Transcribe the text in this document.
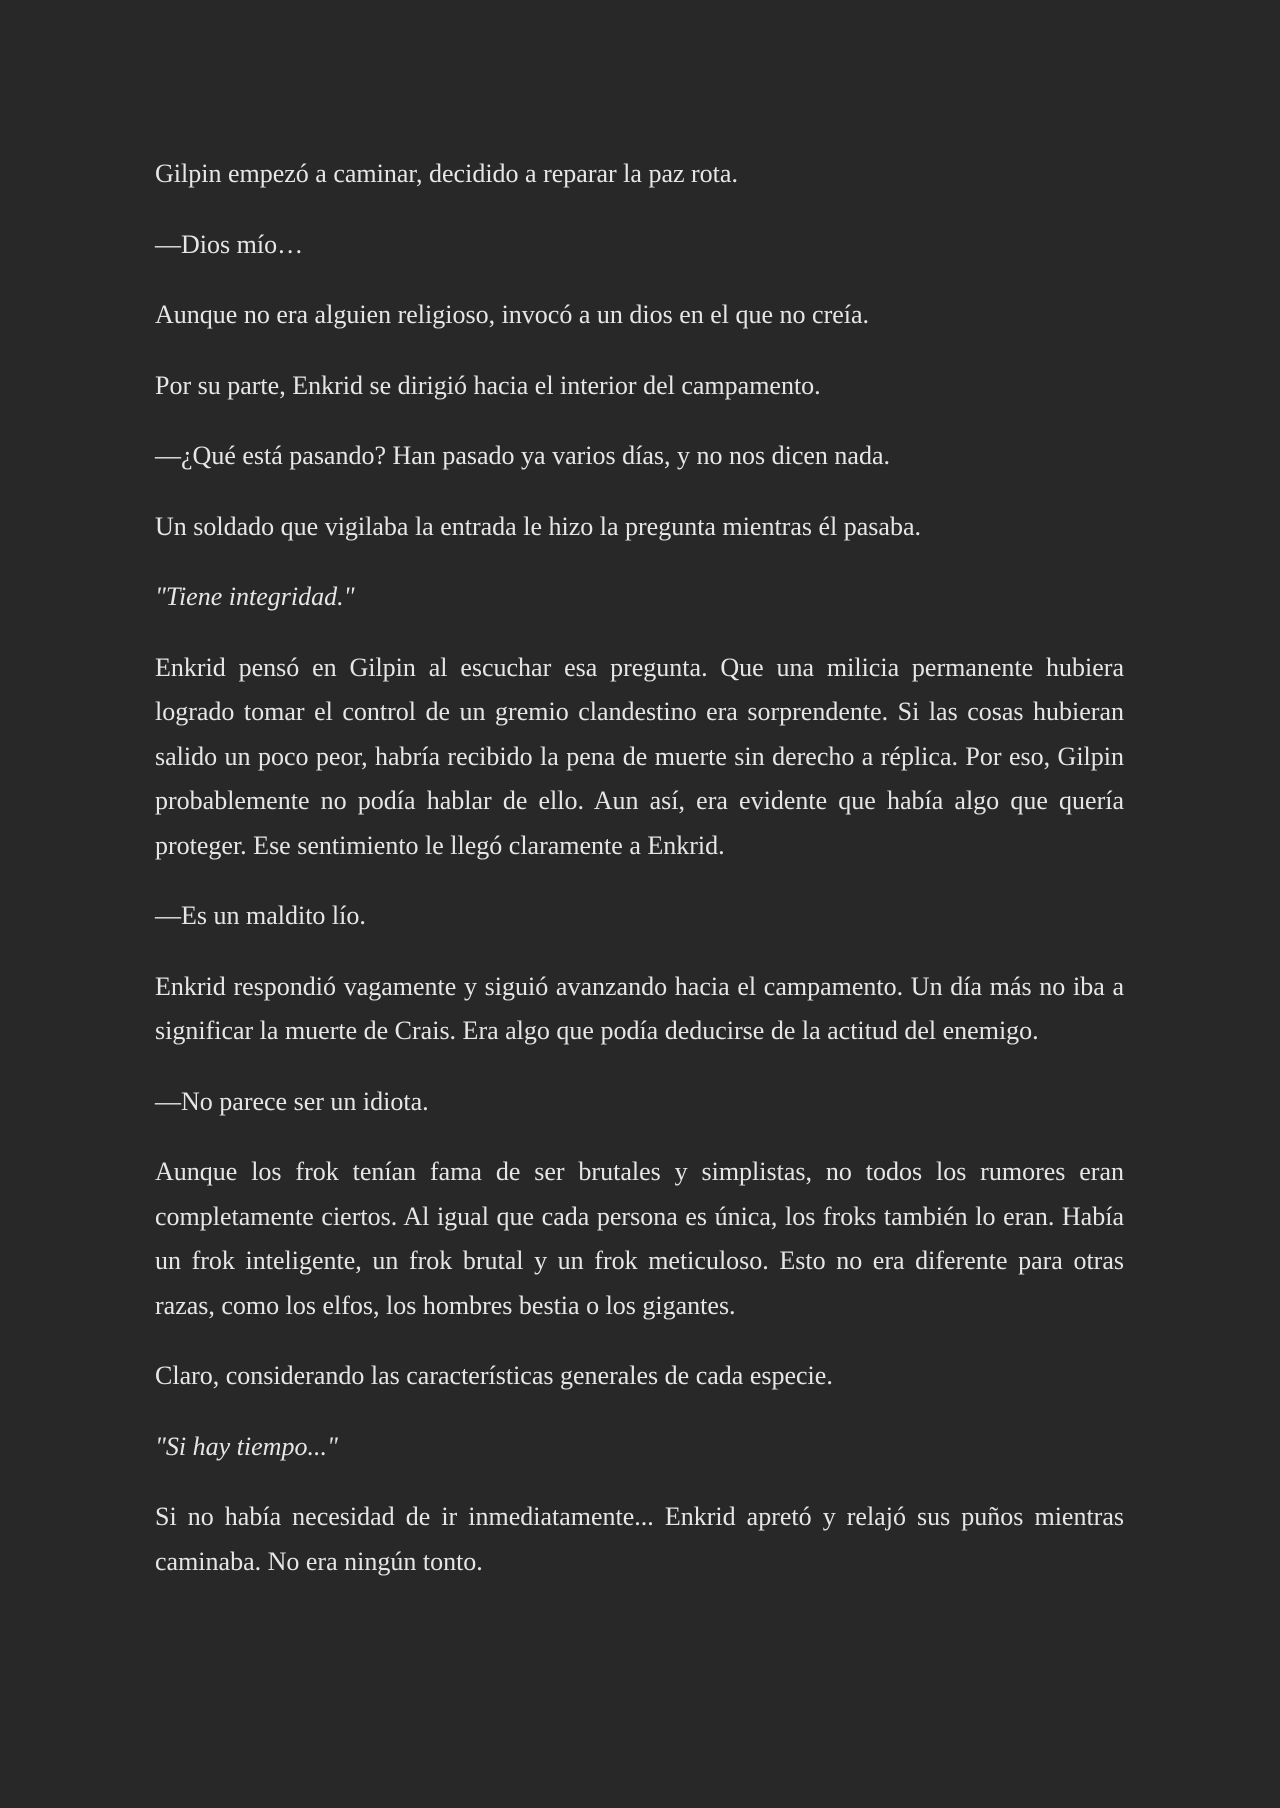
Gilpin empezó a caminar, decidido a reparar la paz rota.

—Dios mío…

Aunque no era alguien religioso, invocó a un dios en el que no creía.

Por su parte, Enkrid se dirigió hacia el interior del campamento.

—¿Qué está pasando? Han pasado ya varios días, y no nos dicen nada.

Un soldado que vigilaba la entrada le hizo la pregunta mientras él pasaba.

"Tiene integridad."

Enkrid pensó en Gilpin al escuchar esa pregunta. Que una milicia permanente hubiera logrado tomar el control de un gremio clandestino era sorprendente. Si las cosas hubieran salido un poco peor, habría recibido la pena de muerte sin derecho a réplica. Por eso, Gilpin probablemente no podía hablar de ello. Aun así, era evidente que había algo que quería proteger. Ese sentimiento le llegó claramente a Enkrid.

—Es un maldito lío.

Enkrid respondió vagamente y siguió avanzando hacia el campamento. Un día más no iba a significar la muerte de Crais. Era algo que podía deducirse de la actitud del enemigo.

—No parece ser un idiota.

Aunque los frok tenían fama de ser brutales y simplistas, no todos los rumores eran completamente ciertos. Al igual que cada persona es única, los froks también lo eran. Había un frok inteligente, un frok brutal y un frok meticuloso. Esto no era diferente para otras razas, como los elfos, los hombres bestia o los gigantes.

Claro, considerando las características generales de cada especie.

"Si hay tiempo..."

Si no había necesidad de ir inmediatamente... Enkrid apretó y relajó sus puños mientras caminaba. No era ningún tonto.
